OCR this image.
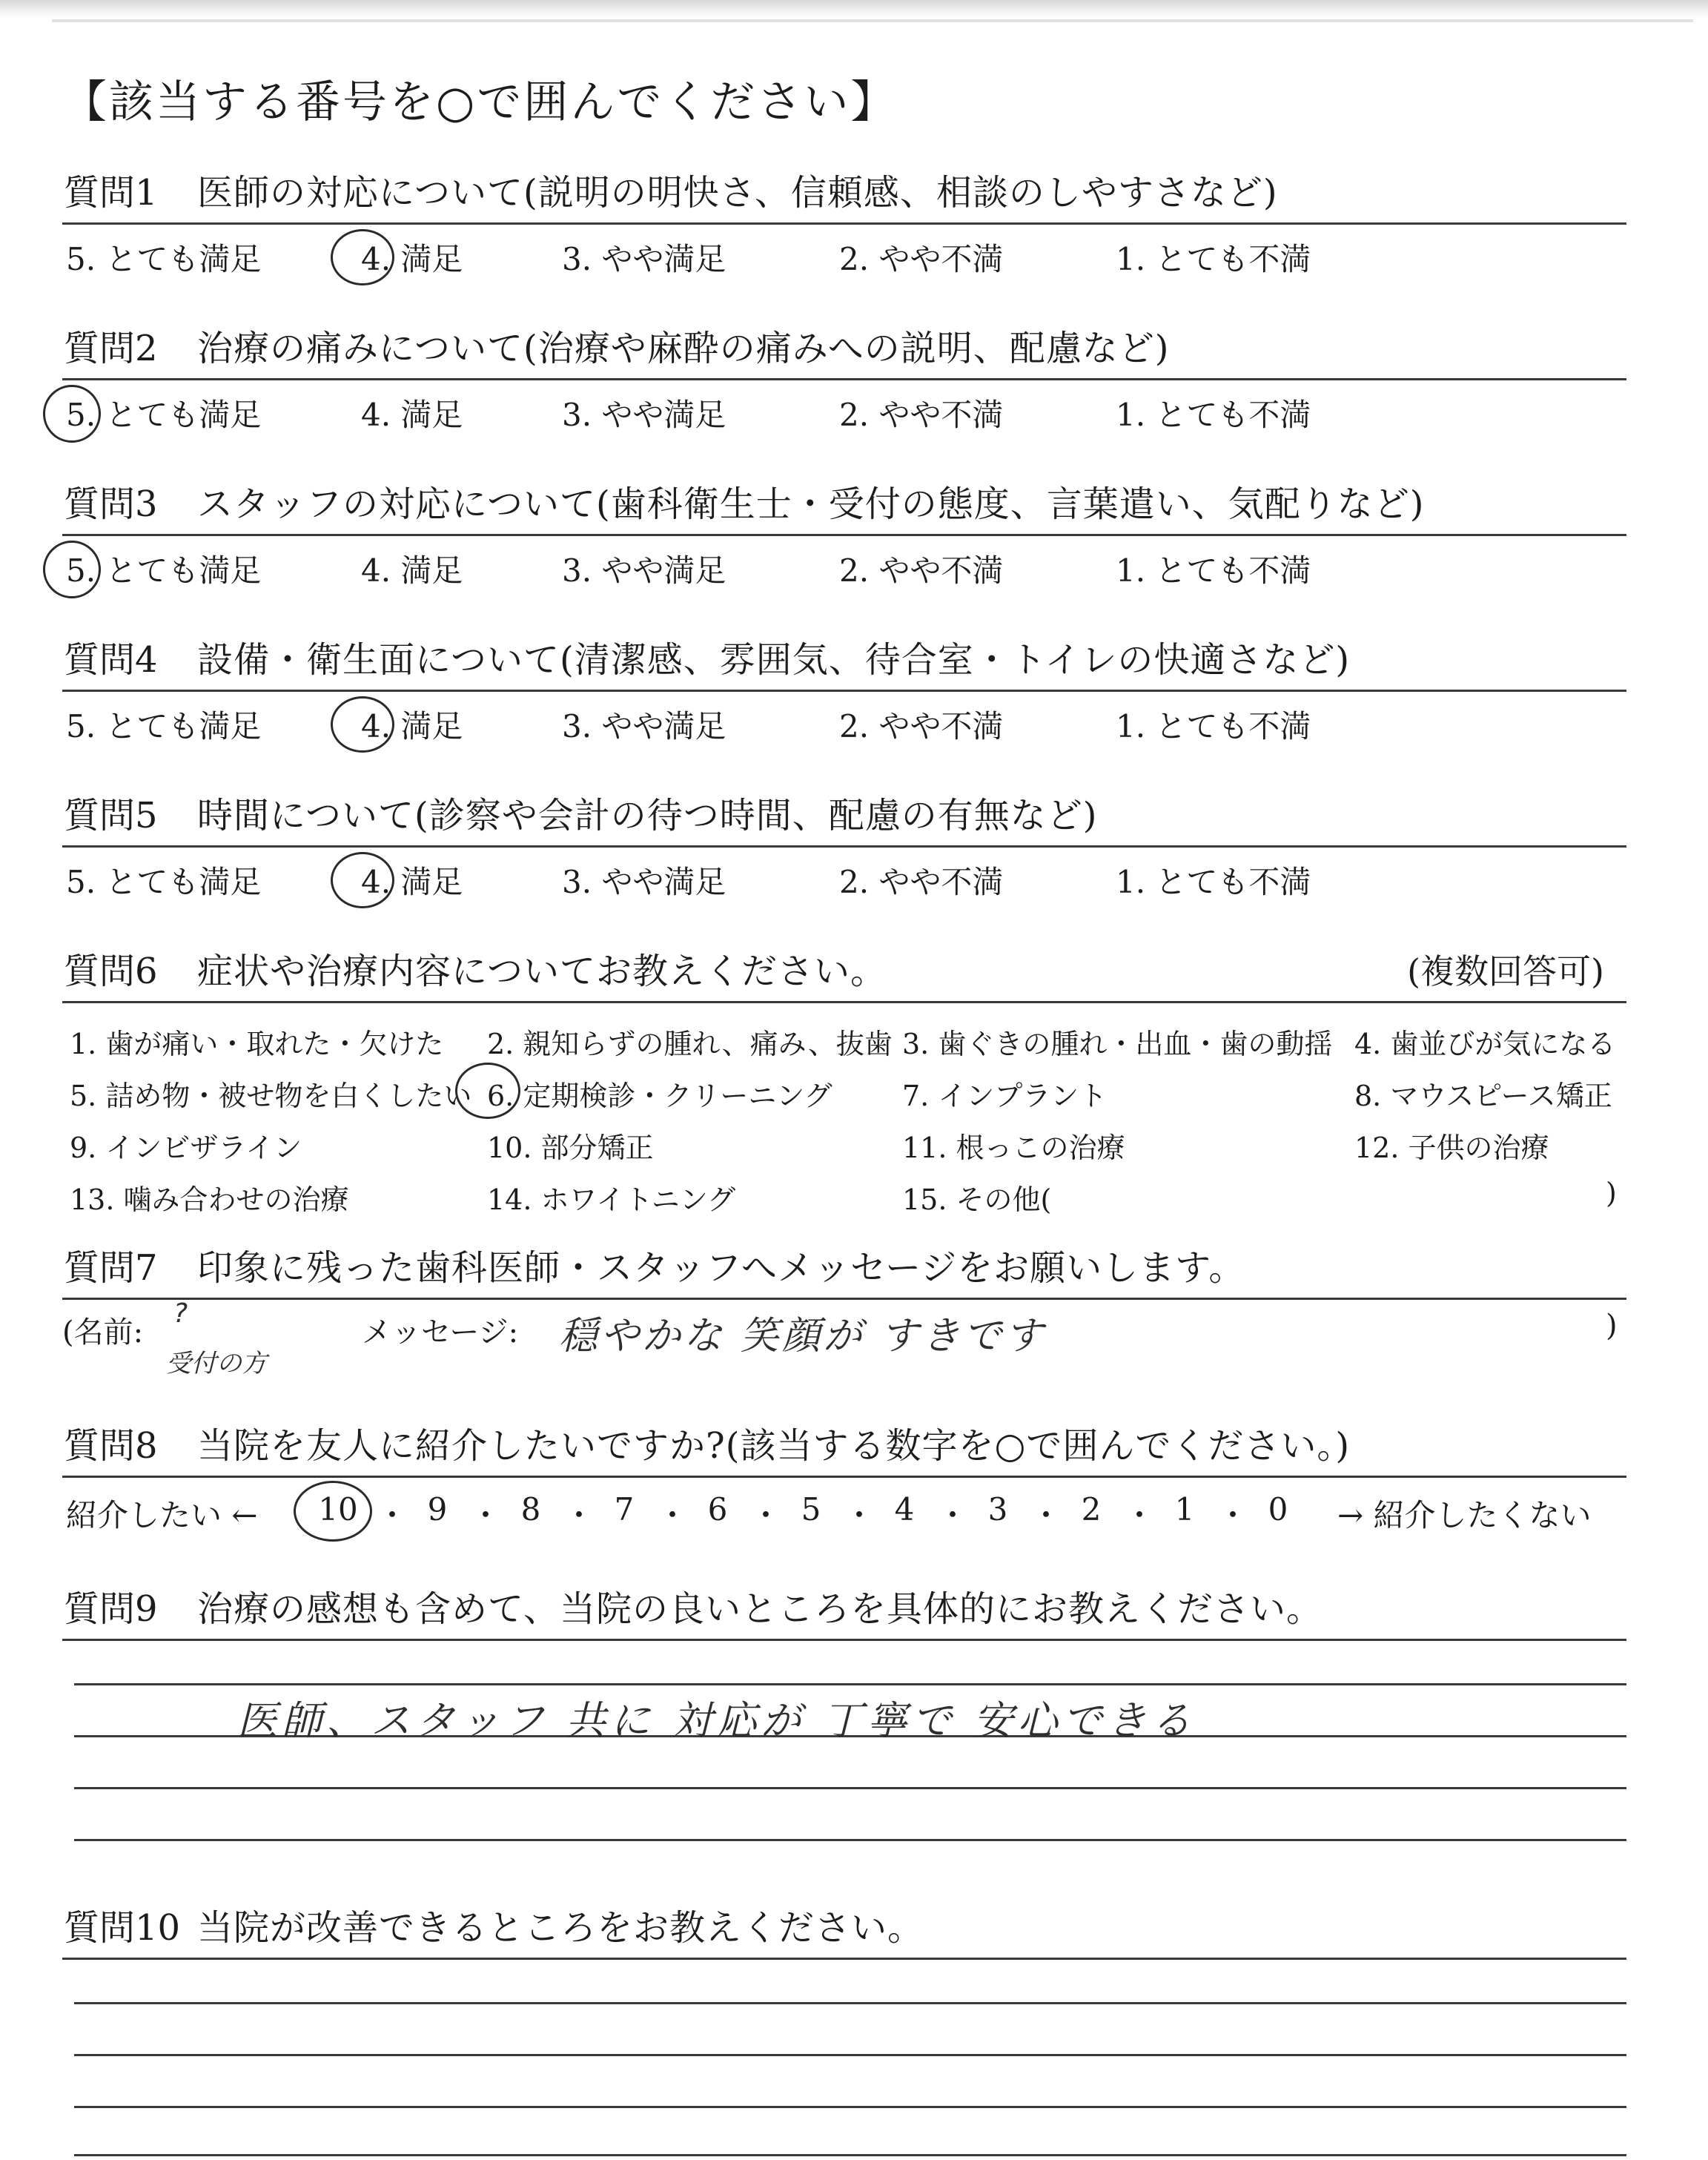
【該当する番号を○で囲んでください】
質問1 医師の対応について(説明の明快さ、信頼感、相談のしやすさなど)
5. とても満足	4. 満足	3. やや満足	2. やや不満	1. とても不満
質問2 治療の痛みについて(治療や麻酔の痛みへの説明、配慮など)
5. とても満足	4. 満足	3. やや満足	2. やや不満	1. とても不満
質問3 スタッフの対応について(歯科衛生士・受付の態度、言葉遣い、気配りなど)
5. とても満足	4. 満足	3. やや満足	2. やや不満	1. とても不満
質問4 設備・衛生面について(清潔感、雰囲気、待合室・トイレの快適さなど)
5. とても満足	4. 満足	3. やや満足	2. やや不満	1. とても不満
質問5 時間について(診察や会計の待つ時間、配慮の有無など)
5. とても満足	4. 満足	3. やや満足	2. やや不満	1. とても不満
質問6 症状や治療内容についてお教えください。	(複数回答可)
1. 歯が痛い・取れた・欠けた 2. 親知らずの腫れ、痛み、抜歯 3. 歯ぐきの腫れ・出血・歯の動揺 4. 歯並びが気になる
5. 詰め物・被せ物を白くしたい 6. 定期検診・クリーニング 7. インプラント	8. マウスピース矯正
9. インビザライン	10. 部分矯正	11. 根っこの治療	12. 子供の治療
13. 噛み合わせの治療	14. ホワイトニング	15. その他(	)
質問7 印象に残った歯科医師・スタッフへメッセージをお願いします。
(名前:
?
受付の方
メッセージ: 穏やかな 笑顔が すきです	)
質問8 当院を友人に紹介したいですか?(該当する数字を○で囲んでください。)
紹介したい ← 10 ・ 9 ・ 8 ・ 7 ・ 6 ・ 5 ・ 4 ・ 3 ・ 2 ・ 1 ・ 0	→ 紹介したくない
質問9 治療の感想も含めて、当院の良いところを具体的にお教えください。
医師、スタッフ 共に 対応が 丁寧で 安心できる
質問10 当院が改善できるところをお教えください。
